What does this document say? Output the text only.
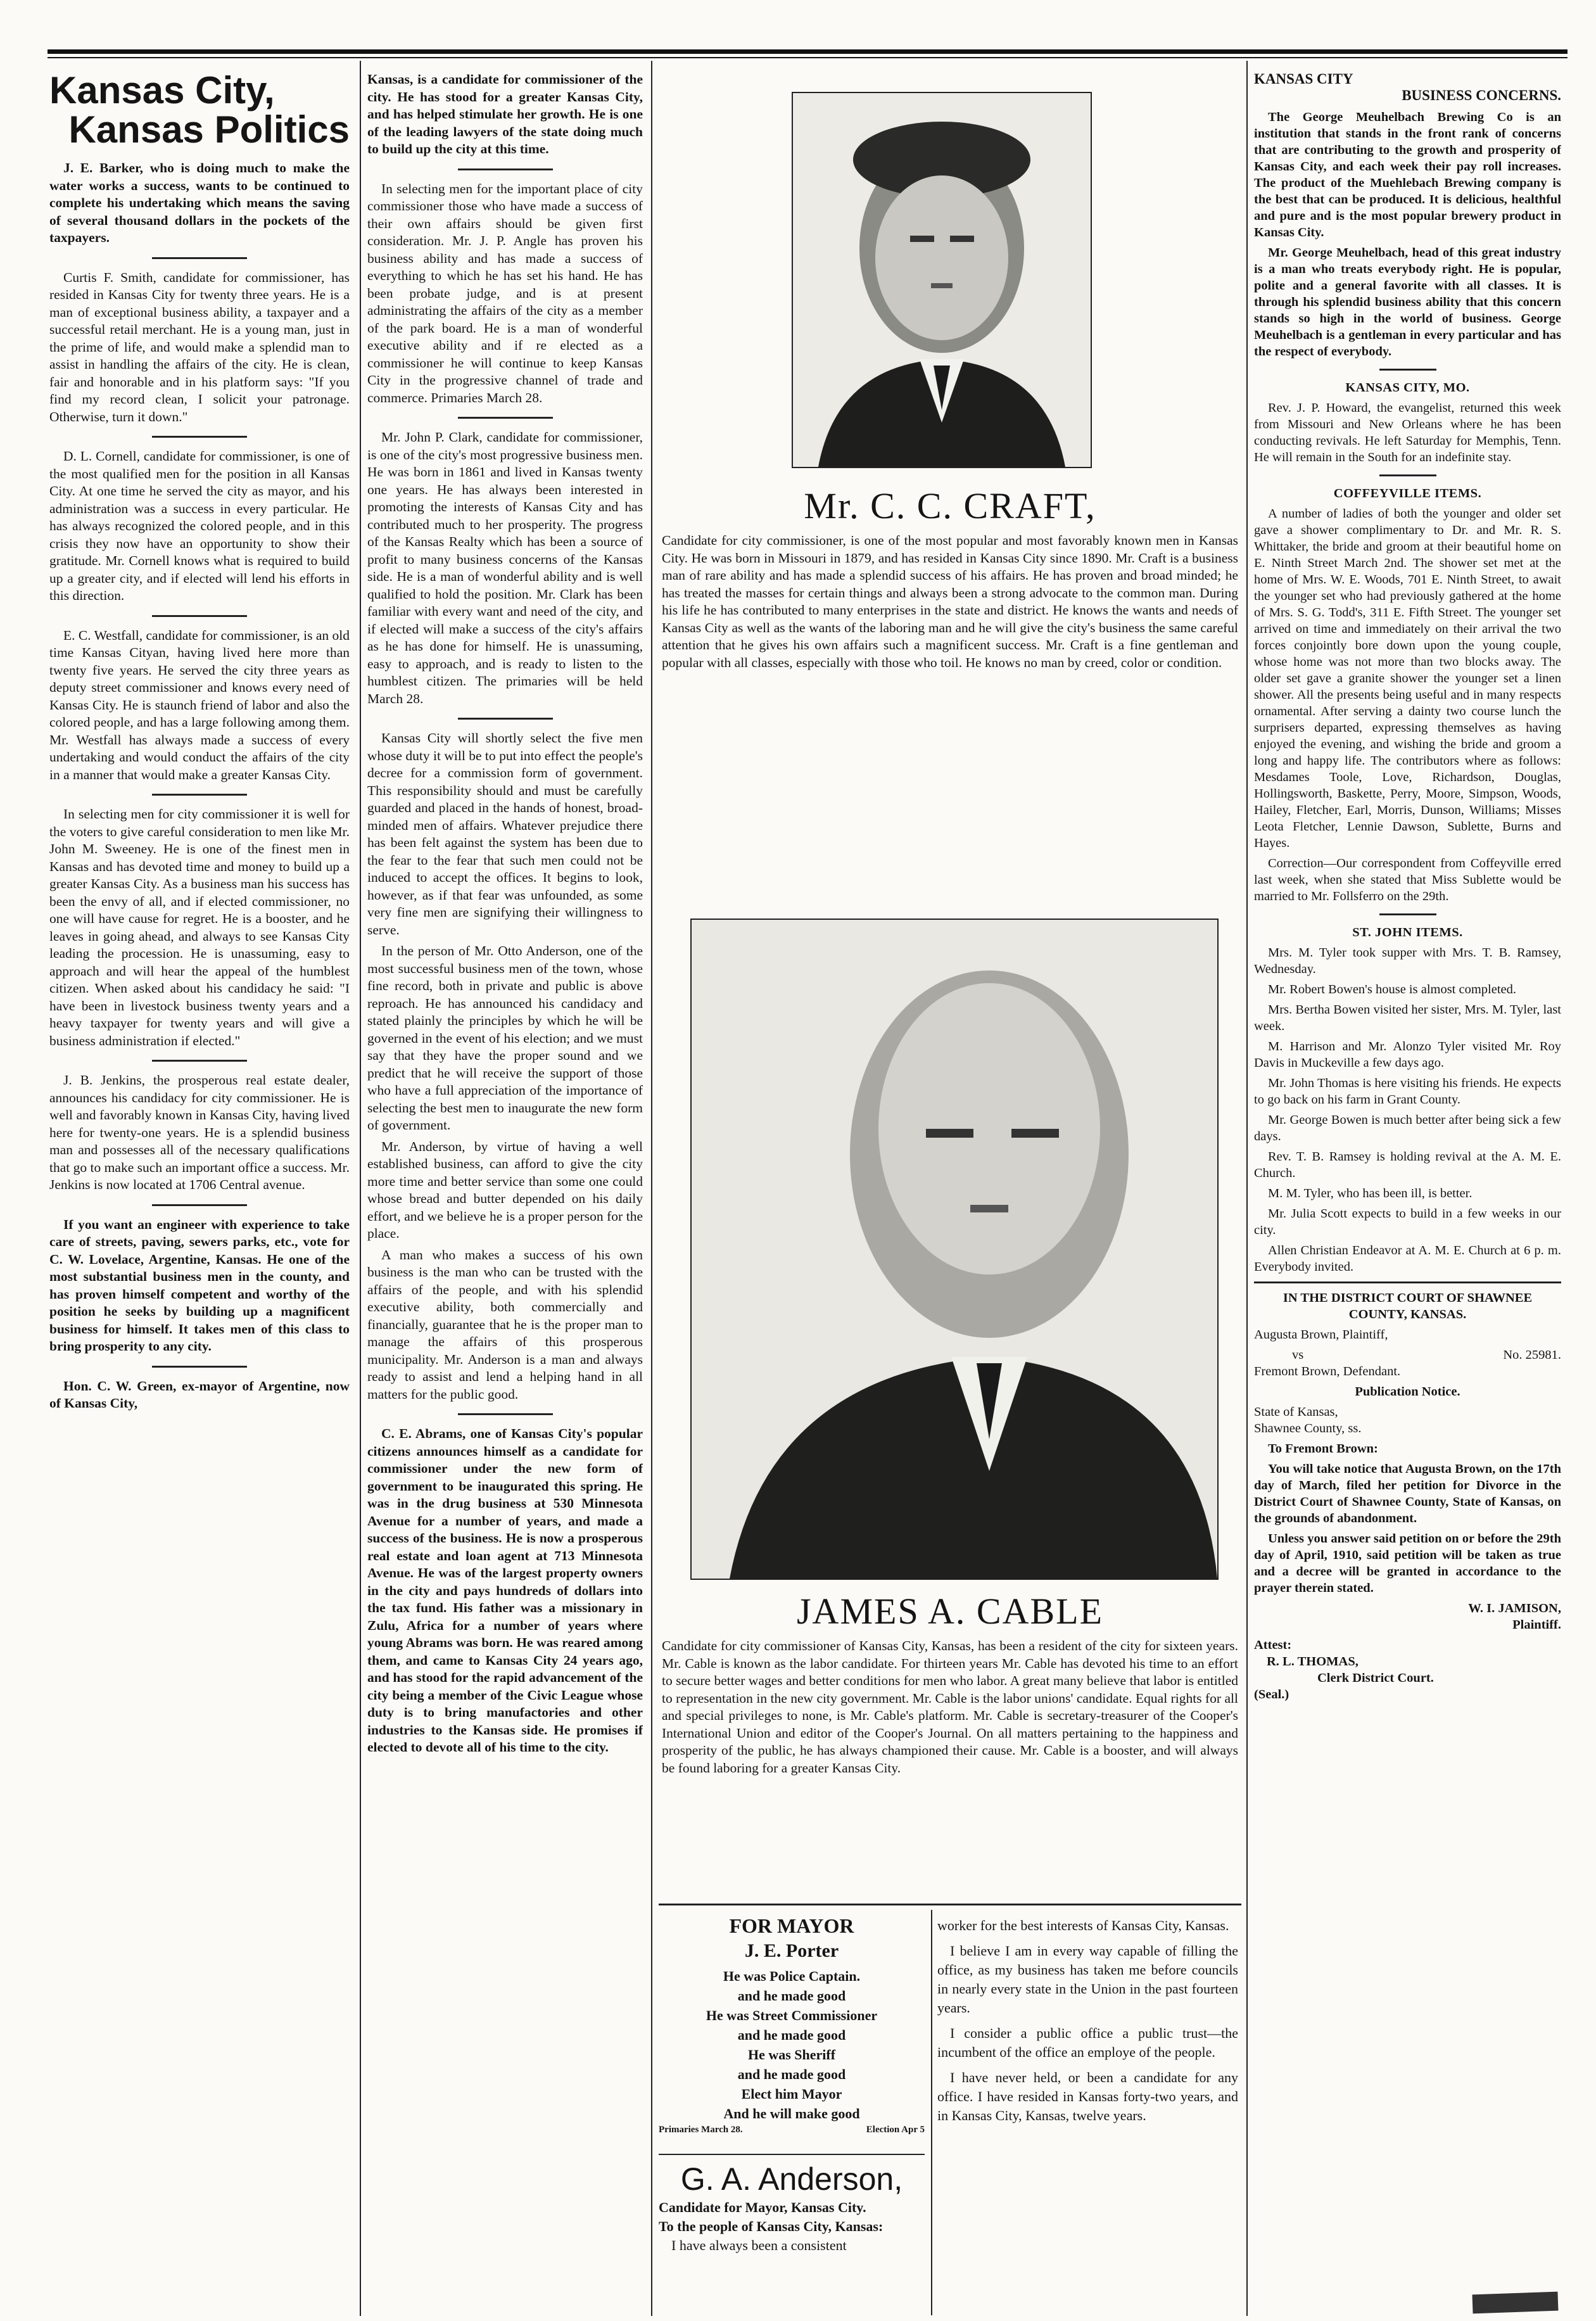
Kansas City,
Kansas Politics

J. E. Barker, who is doing much to make the water works a success, wants to be continued to complete his undertaking which means the saving of several thousand dollars in the pockets of the taxpayers.

Curtis F. Smith, candidate for commissioner, has resided in Kansas City for twenty three years. He is a man of exceptional business ability, a taxpayer and a successful retail merchant. He is a young man, just in the prime of life, and would make a splendid man to assist in handling the affairs of the city. He is clean, fair and honorable and in his platform says: "If you find my record clean, I solicit your patronage. Otherwise, turn it down."

D. L. Cornell, candidate for commissioner, is one of the most qualified men for the position in all Kansas City. At one time he served the city as mayor, and his administration was a success in every particular. He has always recognized the colored people, and in this crisis they now have an opportunity to show their gratitude. Mr. Cornell knows what is required to build up a greater city, and if elected will lend his efforts in this direction.

E. C. Westfall, candidate for commissioner, is an old time Kansas Cityan, having lived here more than twenty five years. He served the city three years as deputy street commissioner and knows every need of Kansas City. He is staunch friend of labor and also the colored people, and has a large following among them. Mr. Westfall has always made a success of every undertaking and would conduct the affairs of the city in a manner that would make a greater Kansas City.

In selecting men for city commissioner it is well for the voters to give careful consideration to men like Mr. John M. Sweeney. He is one of the finest men in Kansas and has devoted time and money to build up a greater Kansas City. As a business man his success has been the envy of all, and if elected commissioner, no one will have cause for regret. He is a booster, and he leaves in going ahead, and always to see Kansas City leading the procession. He is unassuming, easy to approach and will hear the appeal of the humblest citizen. When asked about his candidacy he said: "I have been in livestock business twenty years and a heavy taxpayer for twenty years and will give a business administration if elected."

J. B. Jenkins, the prosperous real estate dealer, announces his candidacy for city commissioner. He is well and favorably known in Kansas City, having lived here for twenty-one years. He is a splendid business man and possesses all of the necessary qualifications that go to make such an important office a success. Mr. Jenkins is now located at 1706 Central avenue.

If you want an engineer with experience to take care of streets, paving, sewers parks, etc., vote for C. W. Lovelace, Argentine, Kansas. He one of the most substantial business men in the county, and has proven himself competent and worthy of the position he seeks by building up a magnificent business for himself. It takes men of this class to bring prosperity to any city.

Hon. C. W. Green, ex-mayor of Argentine, now of Kansas City,

Kansas, is a candidate for commissioner of the city. He has stood for a greater Kansas City, and has helped stimulate her growth. He is one of the leading lawyers of the state doing much to build up the city at this time.

In selecting men for the important place of city commissioner those who have made a success of their own affairs should be given first consideration. Mr. J. P. Angle has proven his business ability and has made a success of everything to which he has set his hand. He has been probate judge, and is at present administrating the affairs of the city as a member of the park board. He is a man of wonderful executive ability and if re elected as a commissioner he will continue to keep Kansas City in the progressive channel of trade and commerce. Primaries March 28.

Mr. John P. Clark, candidate for commissioner, is one of the city's most progressive business men. He was born in 1861 and lived in Kansas twenty one years. He has always been interested in promoting the interests of Kansas City and has contributed much to her prosperity. The progress of the Kansas Realty which has been a source of profit to many business concerns of the Kansas side. He is a man of wonderful ability and is well qualified to hold the position. Mr. Clark has been familiar with every want and need of the city, and if elected will make a success of the city's affairs as he has done for himself. He is unassuming, easy to approach, and is ready to listen to the humblest citizen. The primaries will be held March 28.

Kansas City will shortly select the five men whose duty it will be to put into effect the people's decree for a commission form of government. This responsibility should and must be carefully guarded and placed in the hands of honest, broad-minded men of affairs. Whatever prejudice there has been felt against the system has been due to the fear to the fear that such men could not be induced to accept the offices. It begins to look, however, as if that fear was unfounded, as some very fine men are signifying their willingness to serve.

In the person of Mr. Otto Anderson, one of the most successful business men of the town, whose fine record, both in private and public is above reproach. He has announced his candidacy and stated plainly the principles by which he will be governed in the event of his election; and we must say that they have the proper sound and we predict that he will receive the support of those who have a full appreciation of the importance of selecting the best men to inaugurate the new form of government.

Mr. Anderson, by virtue of having a well established business, can afford to give the city more time and better service than some one could whose bread and butter depended on his daily effort, and we believe he is a proper person for the place.

A man who makes a success of his own business is the man who can be trusted with the affairs of the people, and with his splendid executive ability, both commercially and financially, guarantee that he is the proper man to manage the affairs of this prosperous municipality. Mr. Anderson is a man and always ready to assist and lend a helping hand in all matters for the public good.

C. E. Abrams, one of Kansas City's popular citizens announces himself as a candidate for commissioner under the new form of government to be inaugurated this spring. He was in the drug business at 530 Minnesota Avenue for a number of years, and made a success of the business. He is now a prosperous real estate and loan agent at 713 Minnesota Avenue. He was of the largest property owners in the city and pays hundreds of dollars into the tax fund. His father was a missionary in Zulu, Africa for a number of years where young Abrams was born. He was reared among them, and came to Kansas City 24 years ago, and has stood for the rapid advancement of the city being a member of the Civic League whose duty is to bring manufactories and other industries to the Kansas side. He promises if elected to devote all of his time to the city.

Mr. C. C. CRAFT,

Candidate for city commissioner, is one of the most popular and most favorably known men in Kansas City. He was born in Missouri in 1879, and has resided in Kansas City since 1890. Mr. Craft is a business man of rare ability and has made a splendid success of his affairs. He has proven and broad minded; he has treated the masses for certain things and always been a strong advocate to the common man. During his life he has contributed to many enterprises in the state and district. He knows the wants and needs of Kansas City as well as the wants of the laboring man and he will give the city's business the same careful attention that he gives his own affairs such a magnificent success. Mr. Craft is a fine gentleman and popular with all classes, especially with those who toil. He knows no man by creed, color or condition.

JAMES A. CABLE

Candidate for city commissioner of Kansas City, Kansas, has been a resident of the city for sixteen years. Mr. Cable is known as the labor candidate. For thirteen years Mr. Cable has devoted his time to an effort to secure better wages and better conditions for men who labor. A great many believe that labor is entitled to representation in the new city government. Mr. Cable is the labor unions' candidate. Equal rights for all and special privileges to none, is Mr. Cable's platform. Mr. Cable is secretary-treasurer of the Cooper's International Union and editor of the Cooper's Journal. On all matters pertaining to the happiness and prosperity of the public, he has always championed their cause. Mr. Cable is a booster, and will always be found laboring for a greater Kansas City.

FOR MAYOR
J. E. Porter
He was Police Captain.
and he made good
He was Street Commissioner
and he made good
He was Sheriff
and he made good
Elect him Mayor
And he will make good
Primaries March 28.	Election Apr 5
G. A. Anderson,
Candidate for Mayor, Kansas City.
To the people of Kansas City, Kansas:
I have always been a consistent

worker for the best interests of Kansas City, Kansas.

I believe I am in every way capable of filling the office, as my business has taken me before councils in nearly every state in the Union in the past fourteen years.

I consider a public office a public trust—the incumbent of the office an employe of the people.

I have never held, or been a candidate for any office. I have resided in Kansas forty-two years, and in Kansas City, Kansas, twelve years.

KANSAS CITY
BUSINESS CONCERNS.

The George Meuhelbach Brewing Co is an institution that stands in the front rank of concerns that are contributing to the growth and prosperity of Kansas City, and each week their pay roll increases. The product of the Muehlebach Brewing company is the best that can be produced. It is delicious, healthful and pure and is the most popular brewery product in Kansas City.

Mr. George Meuhelbach, head of this great industry is a man who treats everybody right. He is popular, polite and a general favorite with all classes. It is through his splendid business ability that this concern stands so high in the world of business. George Meuhelbach is a gentleman in every particular and has the respect of everybody.

KANSAS CITY, MO.

Rev. J. P. Howard, the evangelist, returned this week from Missouri and New Orleans where he has been conducting revivals. He left Saturday for Memphis, Tenn. He will remain in the South for an indefinite stay.

COFFEYVILLE ITEMS.

A number of ladies of both the younger and older set gave a shower complimentary to Dr. and Mr. R. S. Whittaker, the bride and groom at their beautiful home on E. Ninth Street March 2nd. The shower set met at the home of Mrs. W. E. Woods, 701 E. Ninth Street, to await the younger set who had previously gathered at the home of Mrs. S. G. Todd's, 311 E. Fifth Street. The younger set arrived on time and immediately on their arrival the two forces conjointly bore down upon the young couple, whose home was not more than two blocks away. The older set gave a granite shower the younger set a linen shower. All the presents being useful and in many respects ornamental. After serving a dainty two course lunch the surprisers departed, expressing themselves as having enjoyed the evening, and wishing the bride and groom a long and happy life. The contributors where as follows: Mesdames Toole, Love, Richardson, Douglas, Hollingsworth, Baskette, Perry, Moore, Simpson, Woods, Hailey, Fletcher, Earl, Morris, Dunson, Williams; Misses Leota Fletcher, Lennie Dawson, Sublette, Burns and Hayes.

Correction—Our correspondent from Coffeyville erred last week, when she stated that Miss Sublette would be married to Mr. Follsferro on the 29th.

ST. JOHN ITEMS.

Mrs. M. Tyler took supper with Mrs. T. B. Ramsey, Wednesday.

Mr. Robert Bowen's house is almost completed.

Mrs. Bertha Bowen visited her sister, Mrs. M. Tyler, last week.

M. Harrison and Mr. Alonzo Tyler visited Mr. Roy Davis in Muckeville a few days ago.

Mr. John Thomas is here visiting his friends. He expects to go back on his farm in Grant County.

Mr. George Bowen is much better after being sick a few days.

Rev. T. B. Ramsey is holding revival at the A. M. E. Church.

M. M. Tyler, who has been ill, is better.

Mr. Julia Scott expects to build in a few weeks in our city.

Allen Christian Endeavor at A. M. E. Church at 6 p. m. Everybody invited.

IN THE DISTRICT COURT OF SHAWNEE COUNTY, KANSAS.

Augusta Brown, Plaintiff,

vs	No. 25981.

Fremont Brown, Defendant.

Publication Notice.

State of Kansas,

Shawnee County, ss.

To Fremont Brown:

You will take notice that Augusta Brown, on the 17th day of March, filed her petition for Divorce in the District Court of Shawnee County, State of Kansas, on the grounds of abandonment.

Unless you answer said petition on or before the 29th day of April, 1910, said petition will be taken as true and a decree will be granted in accordance to the prayer therein stated.

W. I. JAMISON,

Plaintiff.

Attest:

R. L. THOMAS,

Clerk District Court.

(Seal.)
